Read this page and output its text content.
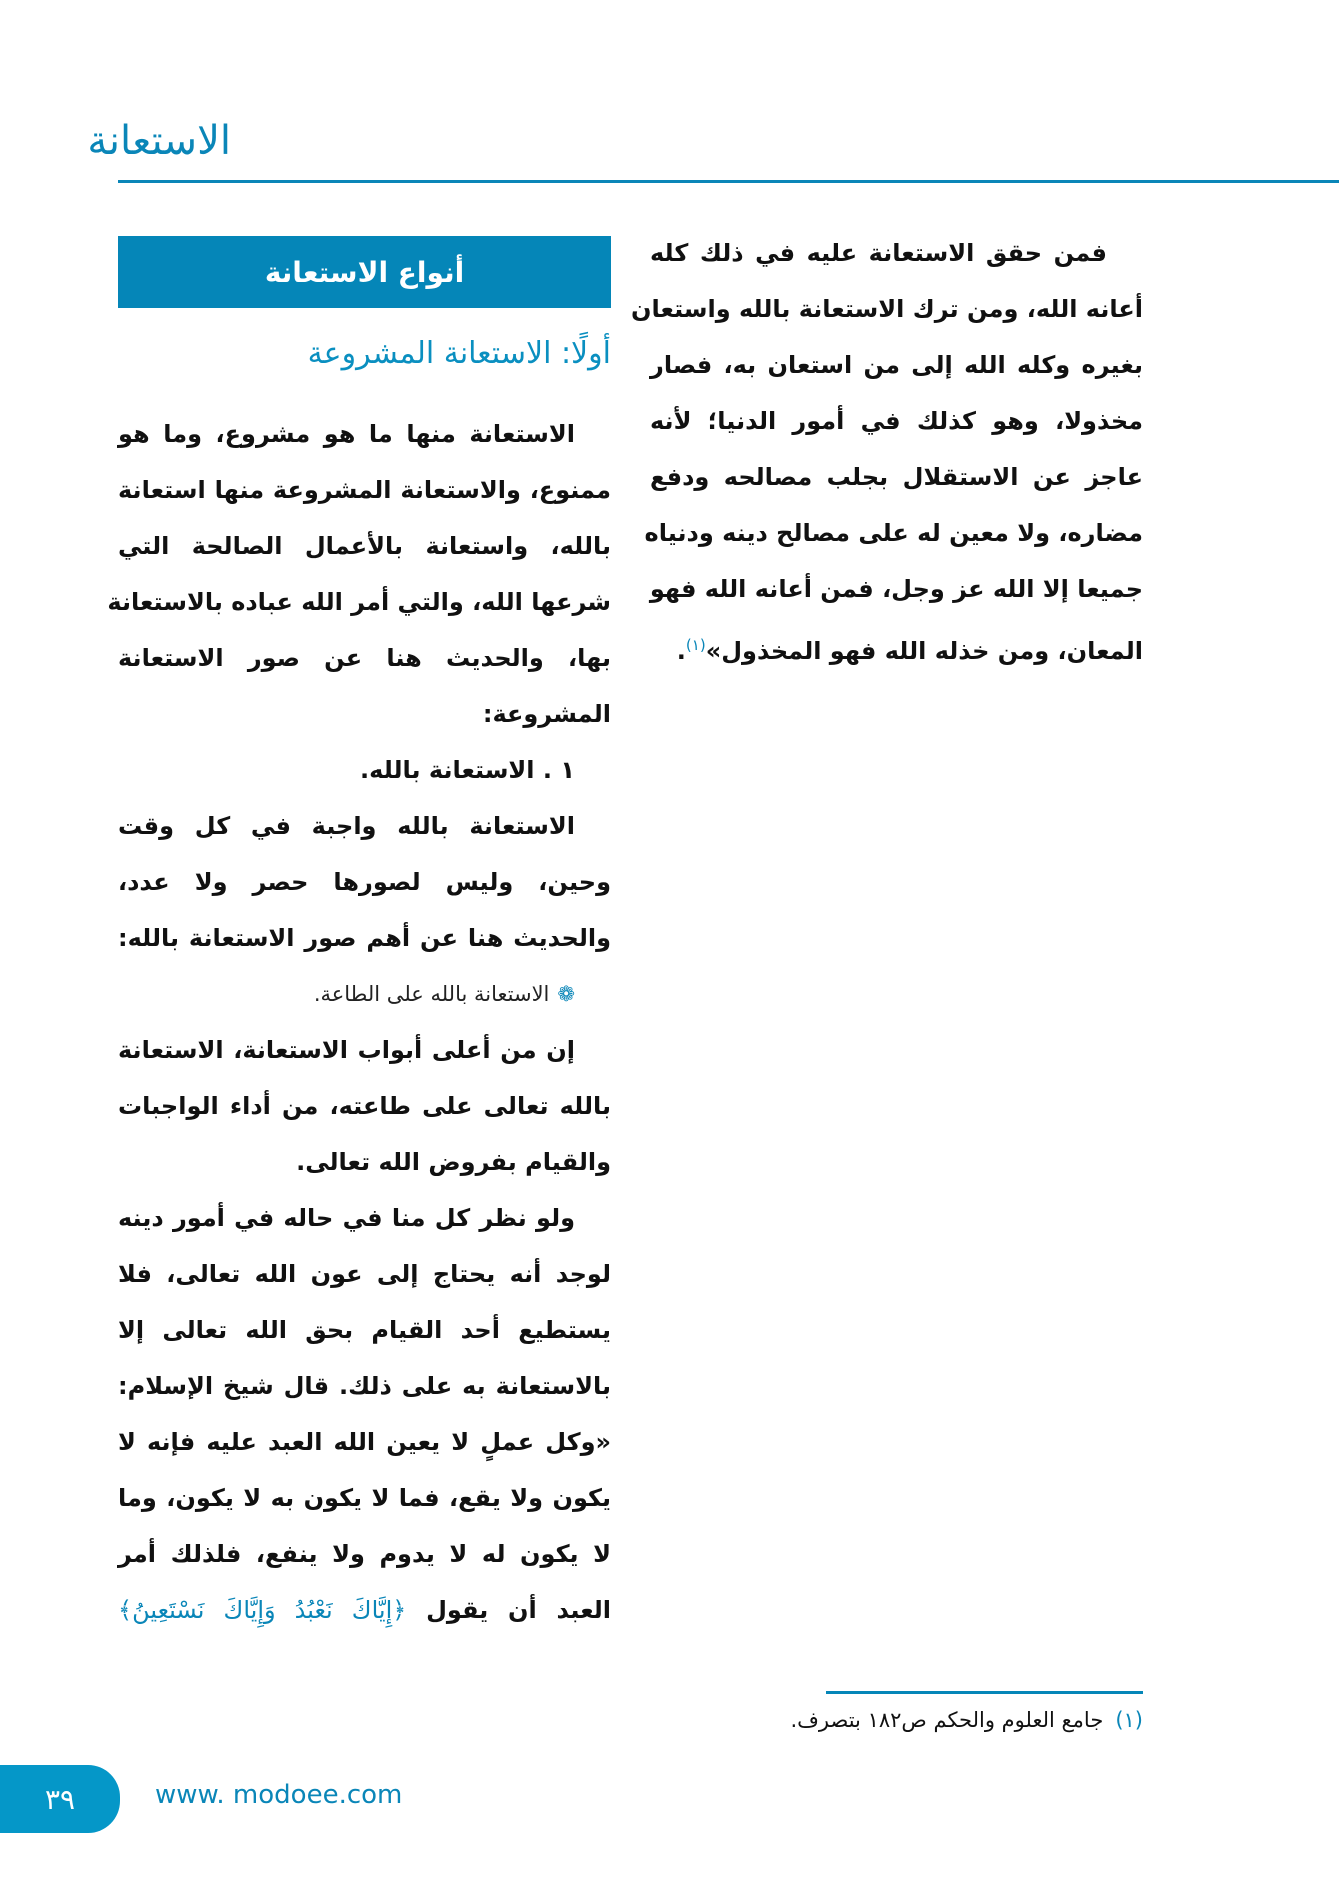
الاستعانة
أنواع الاستعانة
أولًا: الاستعانة المشروعة
الاستعانة منها ما هو مشروع، وما هو
ممنوع، والاستعانة المشروعة منها استعانة
بالله، واستعانة بالأعمال الصالحة التي
شرعها الله، والتي أمر الله عباده بالاستعانة
بها، والحديث هنا عن صور الاستعانة
المشروعة:
١ . الاستعانة بالله.
الاستعانة بالله واجبة في كل وقت
وحين، وليس لصورها حصر ولا عدد،
والحديث هنا عن أهم صور الاستعانة بالله:
❁الاستعانة بالله على الطاعة.
إن من أعلى أبواب الاستعانة، الاستعانة
بالله تعالى على طاعته، من أداء الواجبات
والقيام بفروض الله تعالى.
ولو نظر كل منا في حاله في أمور دينه
لوجد أنه يحتاج إلى عون الله تعالى، فلا
يستطيع أحد القيام بحق الله تعالى إلا
بالاستعانة به على ذلك. قال شيخ الإسلام:
«وكل عملٍ لا يعين الله العبد عليه فإنه لا
يكون ولا يقع، فما لا يكون به لا يكون، وما
لا يكون له لا يدوم ولا ينفع، فلذلك أمر
العبد أن يقول ﴿إِيَّاكَ نَعْبُدُ وَإِيَّاكَ نَسْتَعِينُ﴾
فمن حقق الاستعانة عليه في ذلك كله
أعانه الله، ومن ترك الاستعانة بالله واستعان
بغيره وكله الله إلى من استعان به، فصار
مخذولا، وهو كذلك في أمور الدنيا؛ لأنه
عاجز عن الاستقلال بجلب مصالحه ودفع
مضاره، ولا معين له على مصالح دينه ودنياه
جميعا إلا الله عز وجل، فمن أعانه الله فهو
المعان، ومن خذله الله فهو المخذول»$^{(١)}$.
(١)جامع العلوم والحكم ص١٨٢ بتصرف.
٣٩	www. modoee.com
